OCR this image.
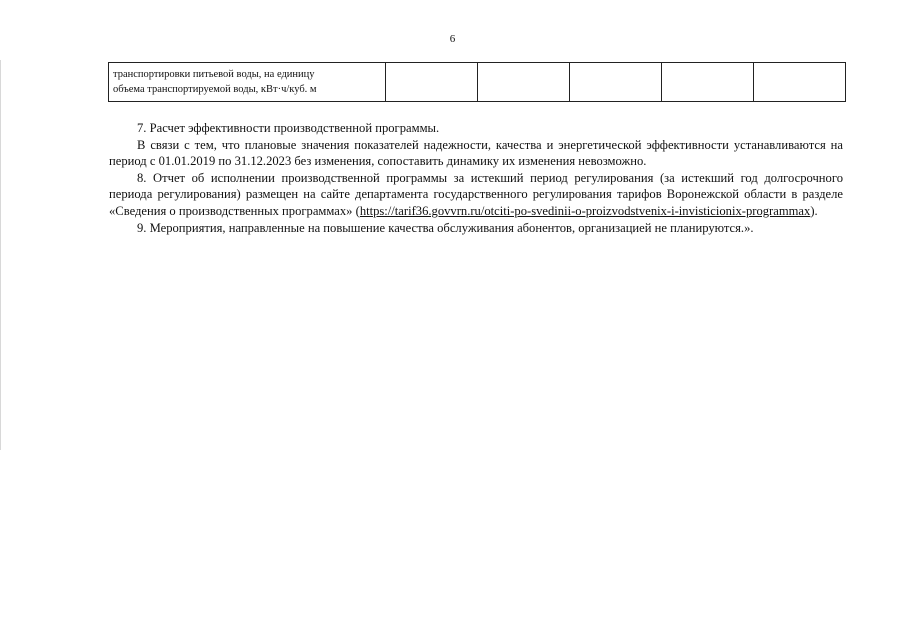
6
транспортировки питьевой воды, на единицу
объема транспортируемой воды, кВт·ч/куб. м

7. Расчет эффективности производственной программы.

В связи с тем, что плановые значения показателей надежности, качества и энергетической эффективности устанавливаются на период с 01.01.2019 по 31.12.2023 без изменения, сопоставить динамику их изменения невозможно.

8. Отчет об исполнении производственной программы за истекший период регулирования (за истекший год долгосрочного периода регулирования) размещен на сайте департамента государственного регулирования тарифов Воронежской области в разделе «Сведения о производственных программах» (https://tarif36.govvrn.ru/otciti-po-svedinii-o-proizvodstvenix-i-invisticionix-programmax).

9. Мероприятия, направленные на повышение качества обслуживания абонентов, организацией не планируются.».
